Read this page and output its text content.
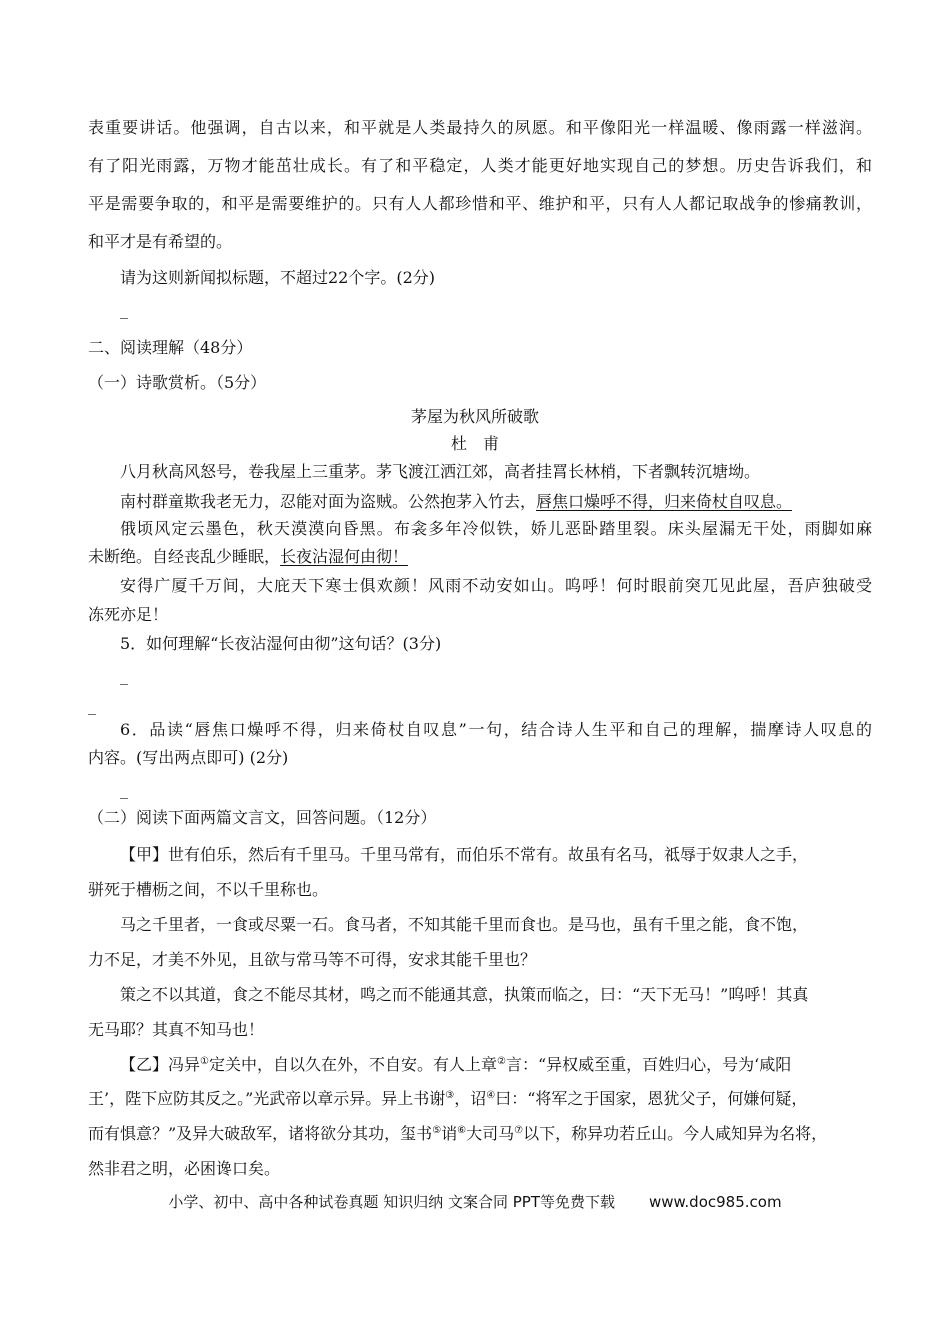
表重要讲话。他强调，自古以来，和平就是人类最持久的夙愿。和平像阳光一样温暖、像雨露一样滋润。
有了阳光雨露，万物才能茁壮成长。有了和平稳定，人类才能更好地实现自己的梦想。历史告诉我们，和
平是需要争取的，和平是需要维护的。只有人人都珍惜和平、维护和平，只有人人都记取战争的惨痛教训，
和平才是有希望的。
请为这则新闻拟标题，不超过22个字。(2分)
_
二、阅读理解（48分）
（一）诗歌赏析。（5分）
茅屋为秋风所破歌
杜　甫
八月秋高风怒号，卷我屋上三重茅。茅飞渡江洒江郊，高者挂罥长林梢，下者飘转沉塘坳。
南村群童欺我老无力，忍能对面为盗贼。公然抱茅入竹去，唇焦口燥呼不得，归来倚杖自叹息。
俄顷风定云墨色，秋天漠漠向昏黑。布衾多年冷似铁，娇儿恶卧踏里裂。床头屋漏无干处，雨脚如麻
未断绝。自经丧乱少睡眠，长夜沾湿何由彻！
安得广厦千万间，大庇天下寒士俱欢颜！风雨不动安如山。呜呼！何时眼前突兀见此屋，吾庐独破受
冻死亦足！
5．如何理解“长夜沾湿何由彻”这句话？(3分)
_
_
6．品读“唇焦口燥呼不得，归来倚杖自叹息”一句，结合诗人生平和自己的理解，揣摩诗人叹息的
内容。(写出两点即可) (2分)
_
（二）阅读下面两篇文言文，回答问题。（12分）
【甲】世有伯乐，然后有千里马。千里马常有，而伯乐不常有。故虽有名马，祗辱于奴隶人之手，
骈死于槽枥之间，不以千里称也。
马之千里者，一食或尽粟一石。食马者，不知其能千里而食也。是马也，虽有千里之能，食不饱，
力不足，才美不外见，且欲与常马等不可得，安求其能千里也？
策之不以其道，食之不能尽其材，鸣之而不能通其意，执策而临之，曰：“天下无马！”呜呼！其真
无马耶？其真不知马也！
【乙】冯异①定关中，自以久在外，不自安。有人上章②言：“异权威至重，百姓归心，号为‘咸阳
王’，陛下应防其反之。”光武帝以章示异。异上书谢③，诏④曰：“将军之于国家，恩犹父子，何嫌何疑，
而有惧意？”及异大破敌军，诸将欲分其功，玺书⑤诮⑥大司马⑦以下，称异功若丘山。今人咸知异为名将，
然非君之明，必困谗口矣。
小学、初中、高中各种试卷真题 知识归纳 文案合同 PPT等免费下载 www.doc985.com
